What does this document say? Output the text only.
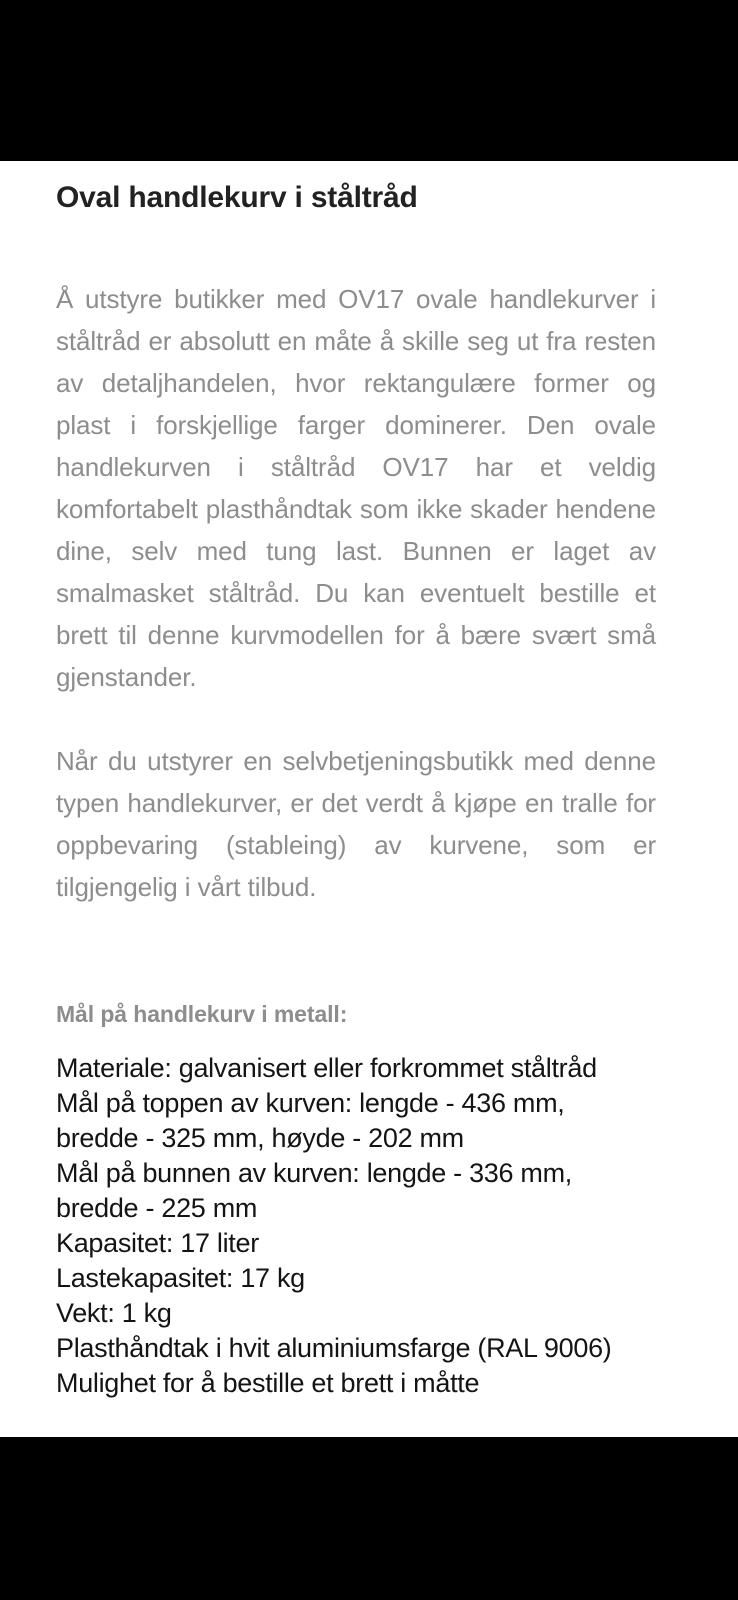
Oval handlekurv i ståltråd

Å utstyre butikker med OV17 ovale handlekurver i ståltråd er absolutt en måte å skille seg ut fra resten av detaljhandelen, hvor rektangulære former og plast i forskjellige farger dominerer. Den ovale handlekurven i ståltråd OV17 har et veldig komfortabelt plasthåndtak som ikke skader hendene dine, selv med tung last. Bunnen er laget av smalmasket ståltråd. Du kan eventuelt bestille et brett til denne kurvmodellen for å bære svært små gjenstander.

Når du utstyrer en selvbetjeningsbutikk med denne typen handlekurver, er det verdt å kjøpe en tralle for oppbevaring (stableing) av kurvene, som er tilgjengelig i vårt tilbud.

Mål på handlekurv i metall:
Materiale: galvanisert eller forkrommet ståltråd
Mål på toppen av kurven: lengde - 436 mm,
bredde - 325 mm, høyde - 202 mm
Mål på bunnen av kurven: lengde - 336 mm,
bredde - 225 mm
Kapasitet: 17 liter
Lastekapasitet: 17 kg
Vekt: 1 kg
Plasthåndtak i hvit aluminiumsfarge (RAL 9006)
Mulighet for å bestille et brett i måtte
